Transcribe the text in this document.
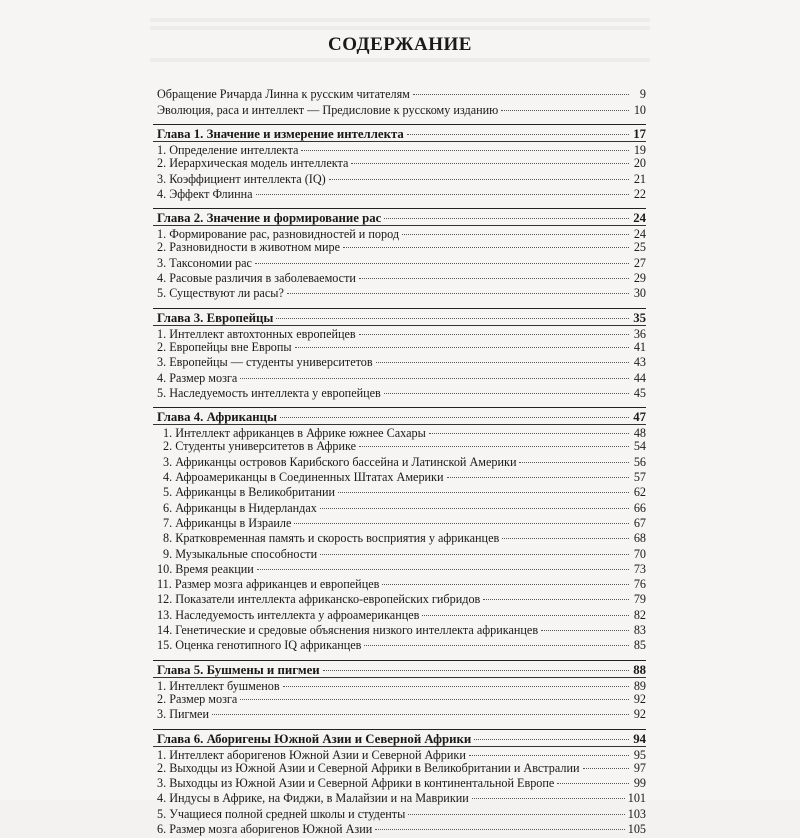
СОДЕРЖАНИЕ
Обращение Ричарда Линна к русским читателям	9
Эволюция, раса и интеллект — Предисловие к русскому изданию	10
Глава 1. Значение и измерение интеллекта	17
1. Определение интеллекта	19
2. Иерархическая модель интеллекта	20
3. Коэффициент интеллекта (IQ)	21
4. Эффект Флинна	22
Глава 2. Значение и формирование рас	24
1. Формирование рас, разновидностей и пород	24
2. Разновидности в животном мире	25
3. Таксономии рас	27
4. Расовые различия в заболеваемости	29
5. Существуют ли расы?	30
Глава 3. Европейцы	35
1. Интеллект автохтонных европейцев	36
2. Европейцы вне Европы	41
3. Европейцы — студенты университетов	43
4. Размер мозга	44
5. Наследуемость интеллекта у европейцев	45
Глава 4. Африканцы	47
1. Интеллект африканцев в Африке южнее Сахары	48
2. Студенты университетов в Африке	54
3. Африканцы островов Карибского бассейна и Латинской Америки	56
4. Афроамериканцы в Соединенных Штатах Америки	57
5. Африканцы в Великобритании	62
6. Африканцы в Нидерландах	66
7. Африканцы в Израиле	67
8. Кратковременная память и скорость восприятия у африканцев	68
9. Музыкальные способности	70
10. Время реакции	73
11. Размер мозга африканцев и европейцев	76
12. Показатели интеллекта африканско-европейских гибридов	79
13. Наследуемость интеллекта у афроамериканцев	82
14. Генетические и средовые объяснения низкого интеллекта африканцев	83
15. Оценка генотипного IQ африканцев	85
Глава 5. Бушмены и пигмеи	88
1. Интеллект бушменов	89
2. Размер мозга	92
3. Пигмеи	92
Глава 6. Аборигены Южной Азии и Северной Африки	94
1. Интеллект аборигенов Южной Азии и Северной Африки	95
2. Выходцы из Южной Азии и Северной Африки в Великобритании и Австралии	97
3. Выходцы из Южной Азии и Северной Африки в континентальной Европе	99
4. Индусы в Африке, на Фиджи, в Малайзии и на Маврикии	101
5. Учащиеся полной средней школы и студенты	103
6. Размер мозга аборигенов Южной Азии	105
